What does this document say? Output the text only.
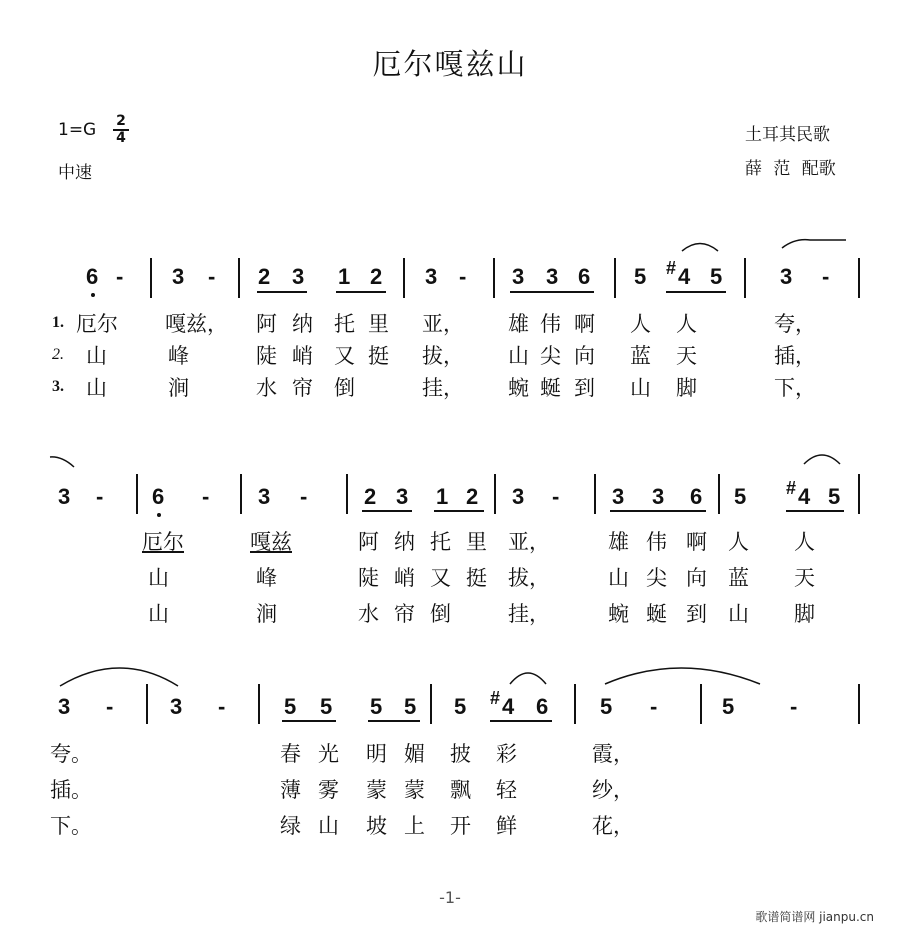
厄尔嘎兹山
1=G 2
4
中速
土耳其民歌
薛 范 配歌
6 - 3 - 2 3 1 2 3 - 3 3 6 5 # 4 5	3 -
1. 厄尔 嘎兹， 阿 纳 托 里 亚， 雄 伟 啊 人 人	夸，
2. 山	峰	陡 峭 又 挺 拔， 山 尖 向 蓝 天	插，
3. 山	涧	水 帘 倒	挂， 蜿 蜒 到 山 脚	下，
3 - 6 - 3 -	2 3 1 2 3 - 3 3 6 5 # 4 5
厄尔	嘎兹	阿 纳 托 里 亚，	雄 伟 啊 人 人
山	峰	陡 峭 又 挺 拔，	山 尖 向 蓝 天
山	涧	水 帘 倒	挂，	蜿 蜒 到 山 脚
3 -	3 -	5 5 5 5 5 # 4 6 5 -	5	-
夸。	春 光 明 媚 披 彩	霞，
插。	薄 雾 蒙 蒙 飘 轻	纱，
下。	绿 山 坡 上 开 鲜	花，
-1-
歌谱简谱网 jianpu.cn
